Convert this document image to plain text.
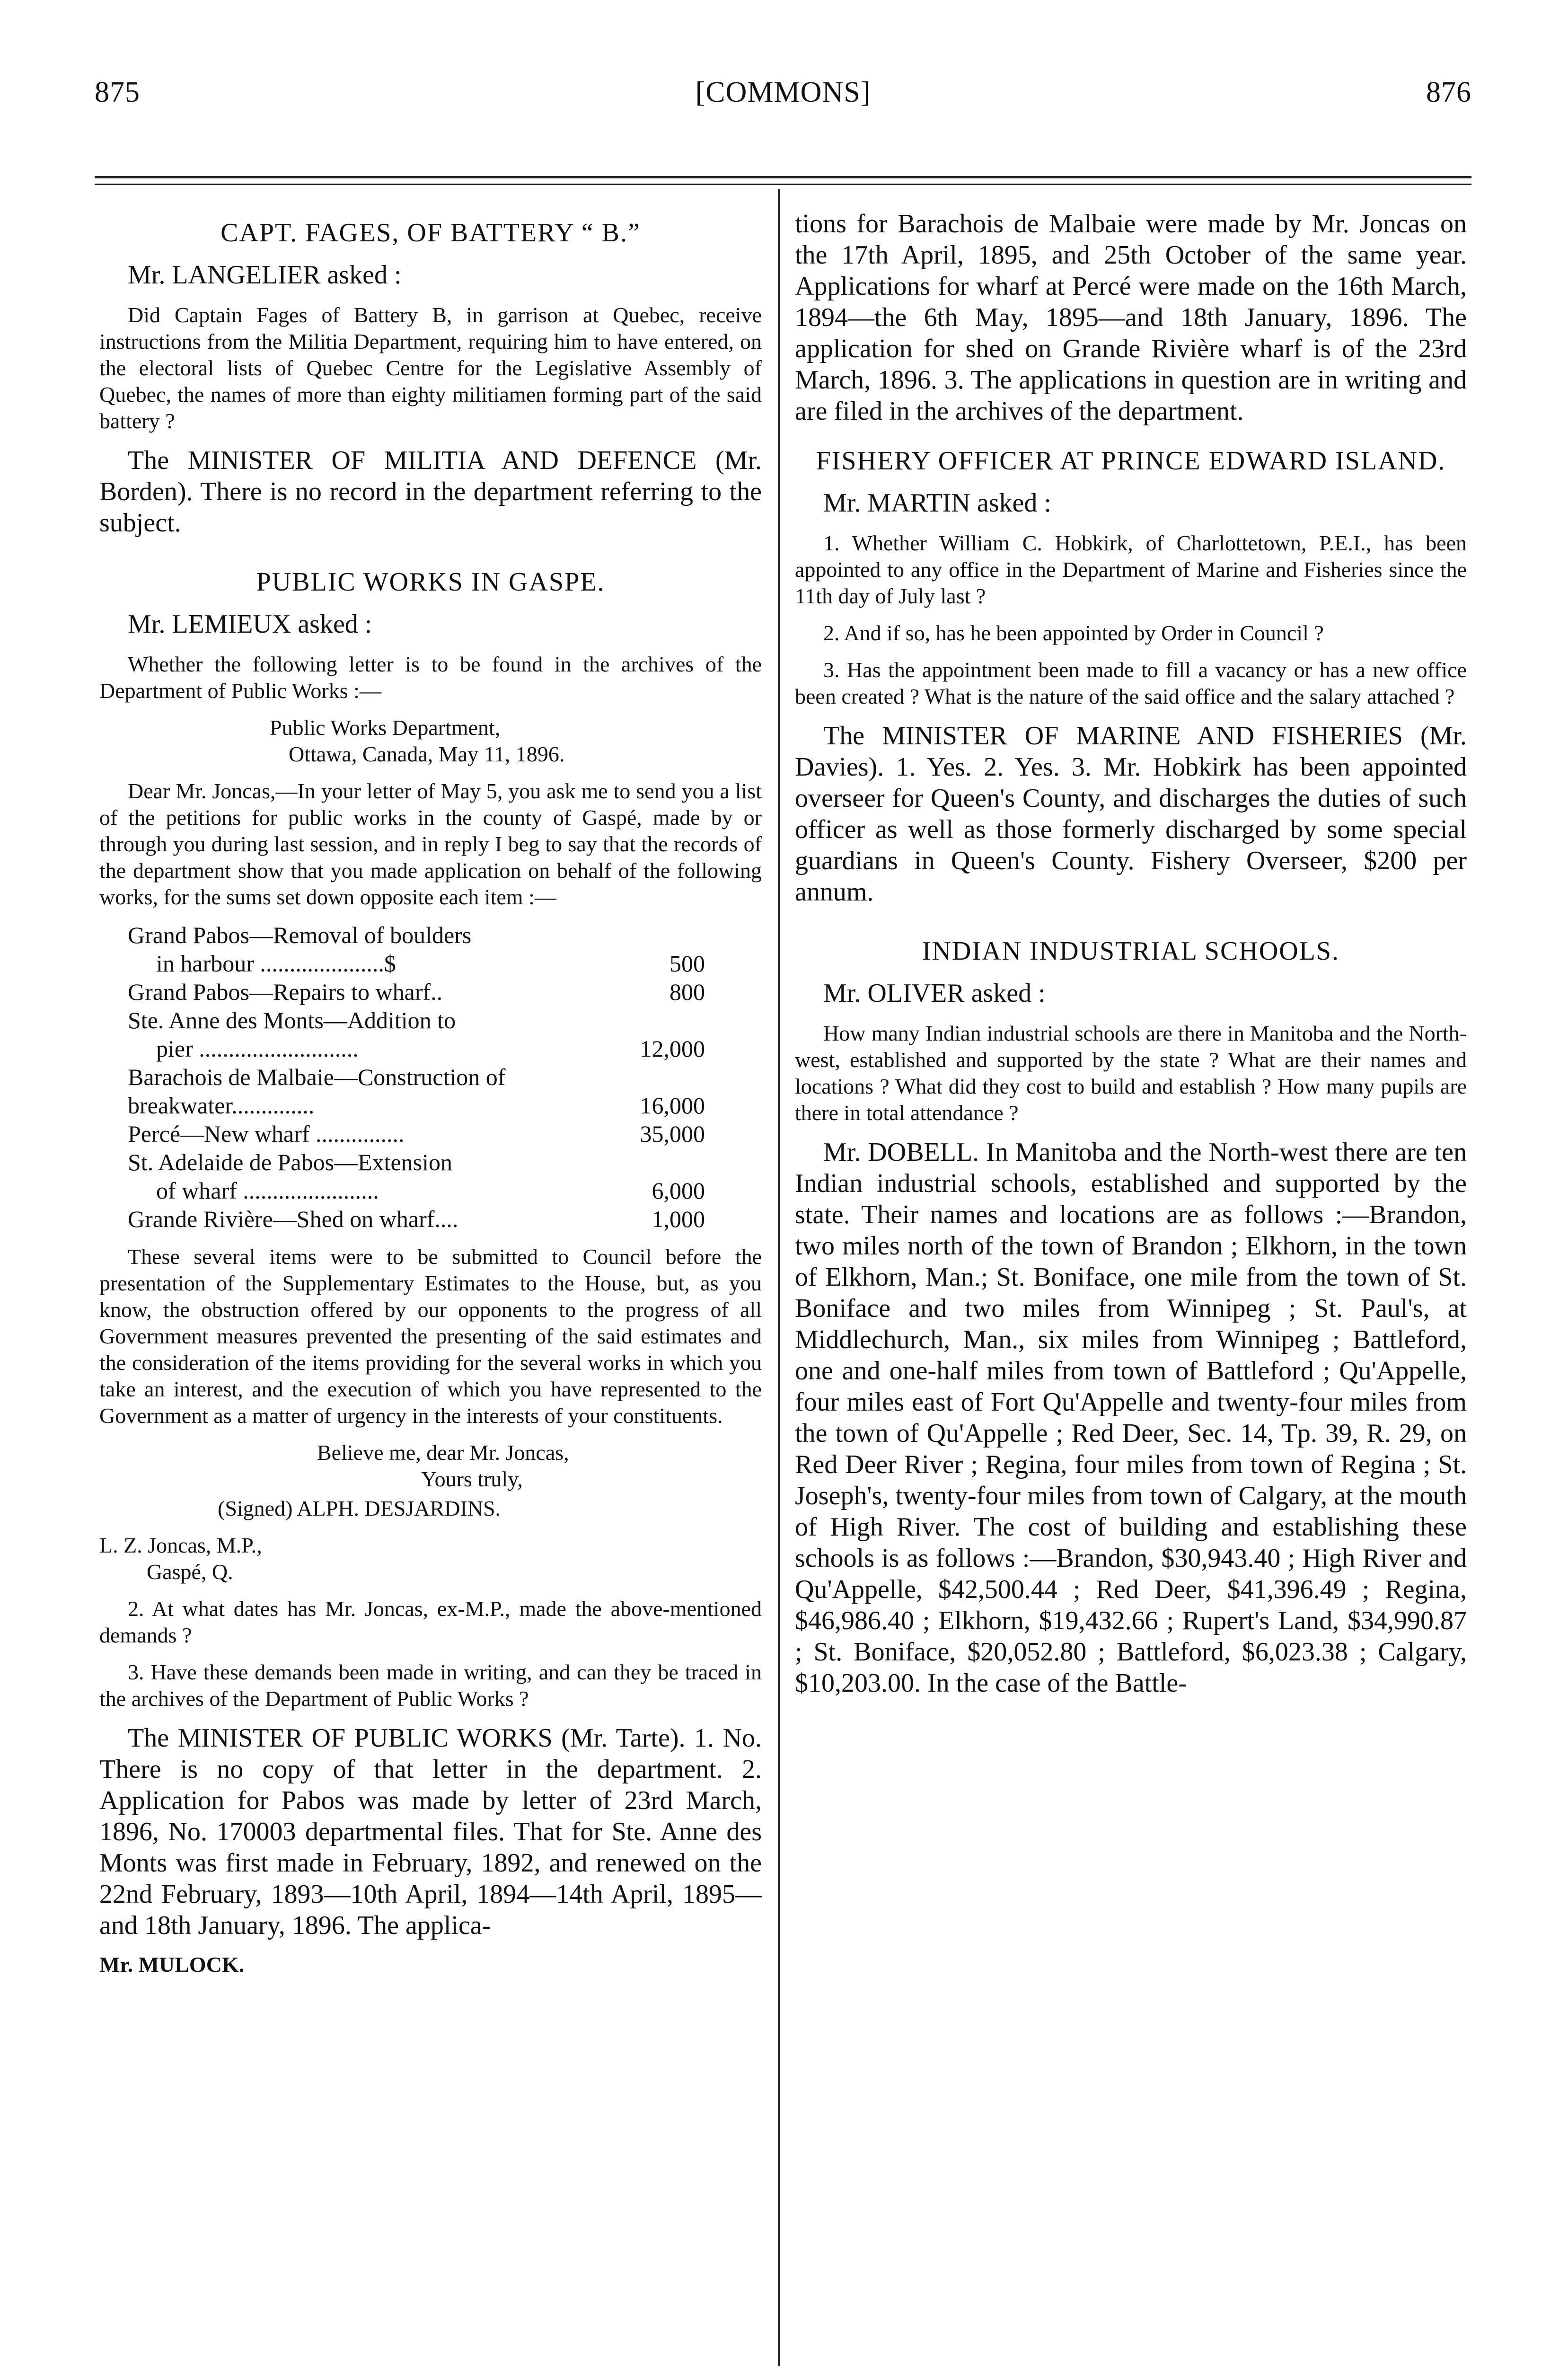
875	[COMMONS]	876
CAPT. FAGES, OF BATTERY “ B.”

Mr. LANGELIER asked :

Did Captain Fages of Battery B, in garrison at Quebec, receive instructions from the Militia Department, requiring him to have entered, on the electoral lists of Quebec Centre for the Legislative Assembly of Quebec, the names of more than eighty militiamen forming part of the said battery ?

The MINISTER OF MILITIA AND DEFENCE (Mr. Borden). There is no record in the department referring to the subject.

PUBLIC WORKS IN GASPE.

Mr. LEMIEUX asked :

Whether the following letter is to be found in the archives of the Department of Public Works :—

Public Works Department,

Ottawa, Canada, May 11, 1896.

Dear Mr. Joncas,—In your letter of May 5, you ask me to send you a list of the petitions for public works in the county of Gaspé, made by or through you during last session, and in reply I beg to say that the records of the department show that you made application on behalf of the following works, for the sums set down opposite each item :—

Grand Pabos—Removal of boulders
in harbour .....................$	500
Grand Pabos—Repairs to wharf..	800
Ste. Anne des Monts—Addition to
pier ...........................	12,000
Barachois de Malbaie—Construction of breakwater..............	16,000
Percé—New wharf ...............	35,000
St. Adelaide de Pabos—Extension
of wharf .......................	6,000
Grande Rivière—Shed on wharf....	1,000

These several items were to be submitted to Council before the presentation of the Supplementary Estimates to the House, but, as you know, the obstruction offered by our opponents to the progress of all Government measures prevented the presenting of the said estimates and the consideration of the items providing for the several works in which you take an interest, and the execution of which you have represented to the Government as a matter of urgency in the interests of your constituents.

Believe me, dear Mr. Joncas,

Yours truly,

(Signed) ALPH. DESJARDINS.

L. Z. Joncas, M.P.,

Gaspé, Q.

2. At what dates has Mr. Joncas, ex-M.P., made the above-mentioned demands ?

3. Have these demands been made in writing, and can they be traced in the archives of the Department of Public Works ?

The MINISTER OF PUBLIC WORKS (Mr. Tarte). 1. No. There is no copy of that letter in the department. 2. Application for Pabos was made by letter of 23rd March, 1896, No. 170003 departmental files. That for Ste. Anne des Monts was first made in February, 1892, and renewed on the 22nd February, 1893—10th April, 1894—14th April, 1895—and 18th January, 1896. The applica-

Mr. MULOCK.

tions for Barachois de Malbaie were made by Mr. Joncas on the 17th April, 1895, and 25th October of the same year. Applications for wharf at Percé were made on the 16th March, 1894—the 6th May, 1895—and 18th January, 1896. The application for shed on Grande Rivière wharf is of the 23rd March, 1896. 3. The applications in question are in writing and are filed in the archives of the department.

FISHERY OFFICER AT PRINCE EDWARD ISLAND.

Mr. MARTIN asked :

1. Whether William C. Hobkirk, of Charlottetown, P.E.I., has been appointed to any office in the Department of Marine and Fisheries since the 11th day of July last ?

2. And if so, has he been appointed by Order in Council ?

3. Has the appointment been made to fill a vacancy or has a new office been created ? What is the nature of the said office and the salary attached ?

The MINISTER OF MARINE AND FISHERIES (Mr. Davies). 1. Yes. 2. Yes. 3. Mr. Hobkirk has been appointed overseer for Queen's County, and discharges the duties of such officer as well as those formerly discharged by some special guardians in Queen's County. Fishery Overseer, $200 per annum.

INDIAN INDUSTRIAL SCHOOLS.

Mr. OLIVER asked :

How many Indian industrial schools are there in Manitoba and the North-west, established and supported by the state ? What are their names and locations ? What did they cost to build and establish ? How many pupils are there in total attendance ?

Mr. DOBELL. In Manitoba and the North-west there are ten Indian industrial schools, established and supported by the state. Their names and locations are as follows :—Brandon, two miles north of the town of Brandon ; Elkhorn, in the town of Elkhorn, Man.; St. Boniface, one mile from the town of St. Boniface and two miles from Winnipeg ; St. Paul's, at Middlechurch, Man., six miles from Winnipeg ; Battleford, one and one-half miles from town of Battleford ; Qu'Appelle, four miles east of Fort Qu'Appelle and twenty-four miles from the town of Qu'Appelle ; Red Deer, Sec. 14, Tp. 39, R. 29, on Red Deer River ; Regina, four miles from town of Regina ; St. Joseph's, twenty-four miles from town of Calgary, at the mouth of High River. The cost of building and establishing these schools is as follows :—Brandon, $30,943.40 ; High River and Qu'Appelle, $42,500.44 ; Red Deer, $41,396.49 ; Regina, $46,986.40 ; Elkhorn, $19,432.66 ; Rupert's Land, $34,990.87 ; St. Boniface, $20,052.80 ; Battleford, $6,023.38 ; Calgary, $10,203.00. In the case of the Battle-
